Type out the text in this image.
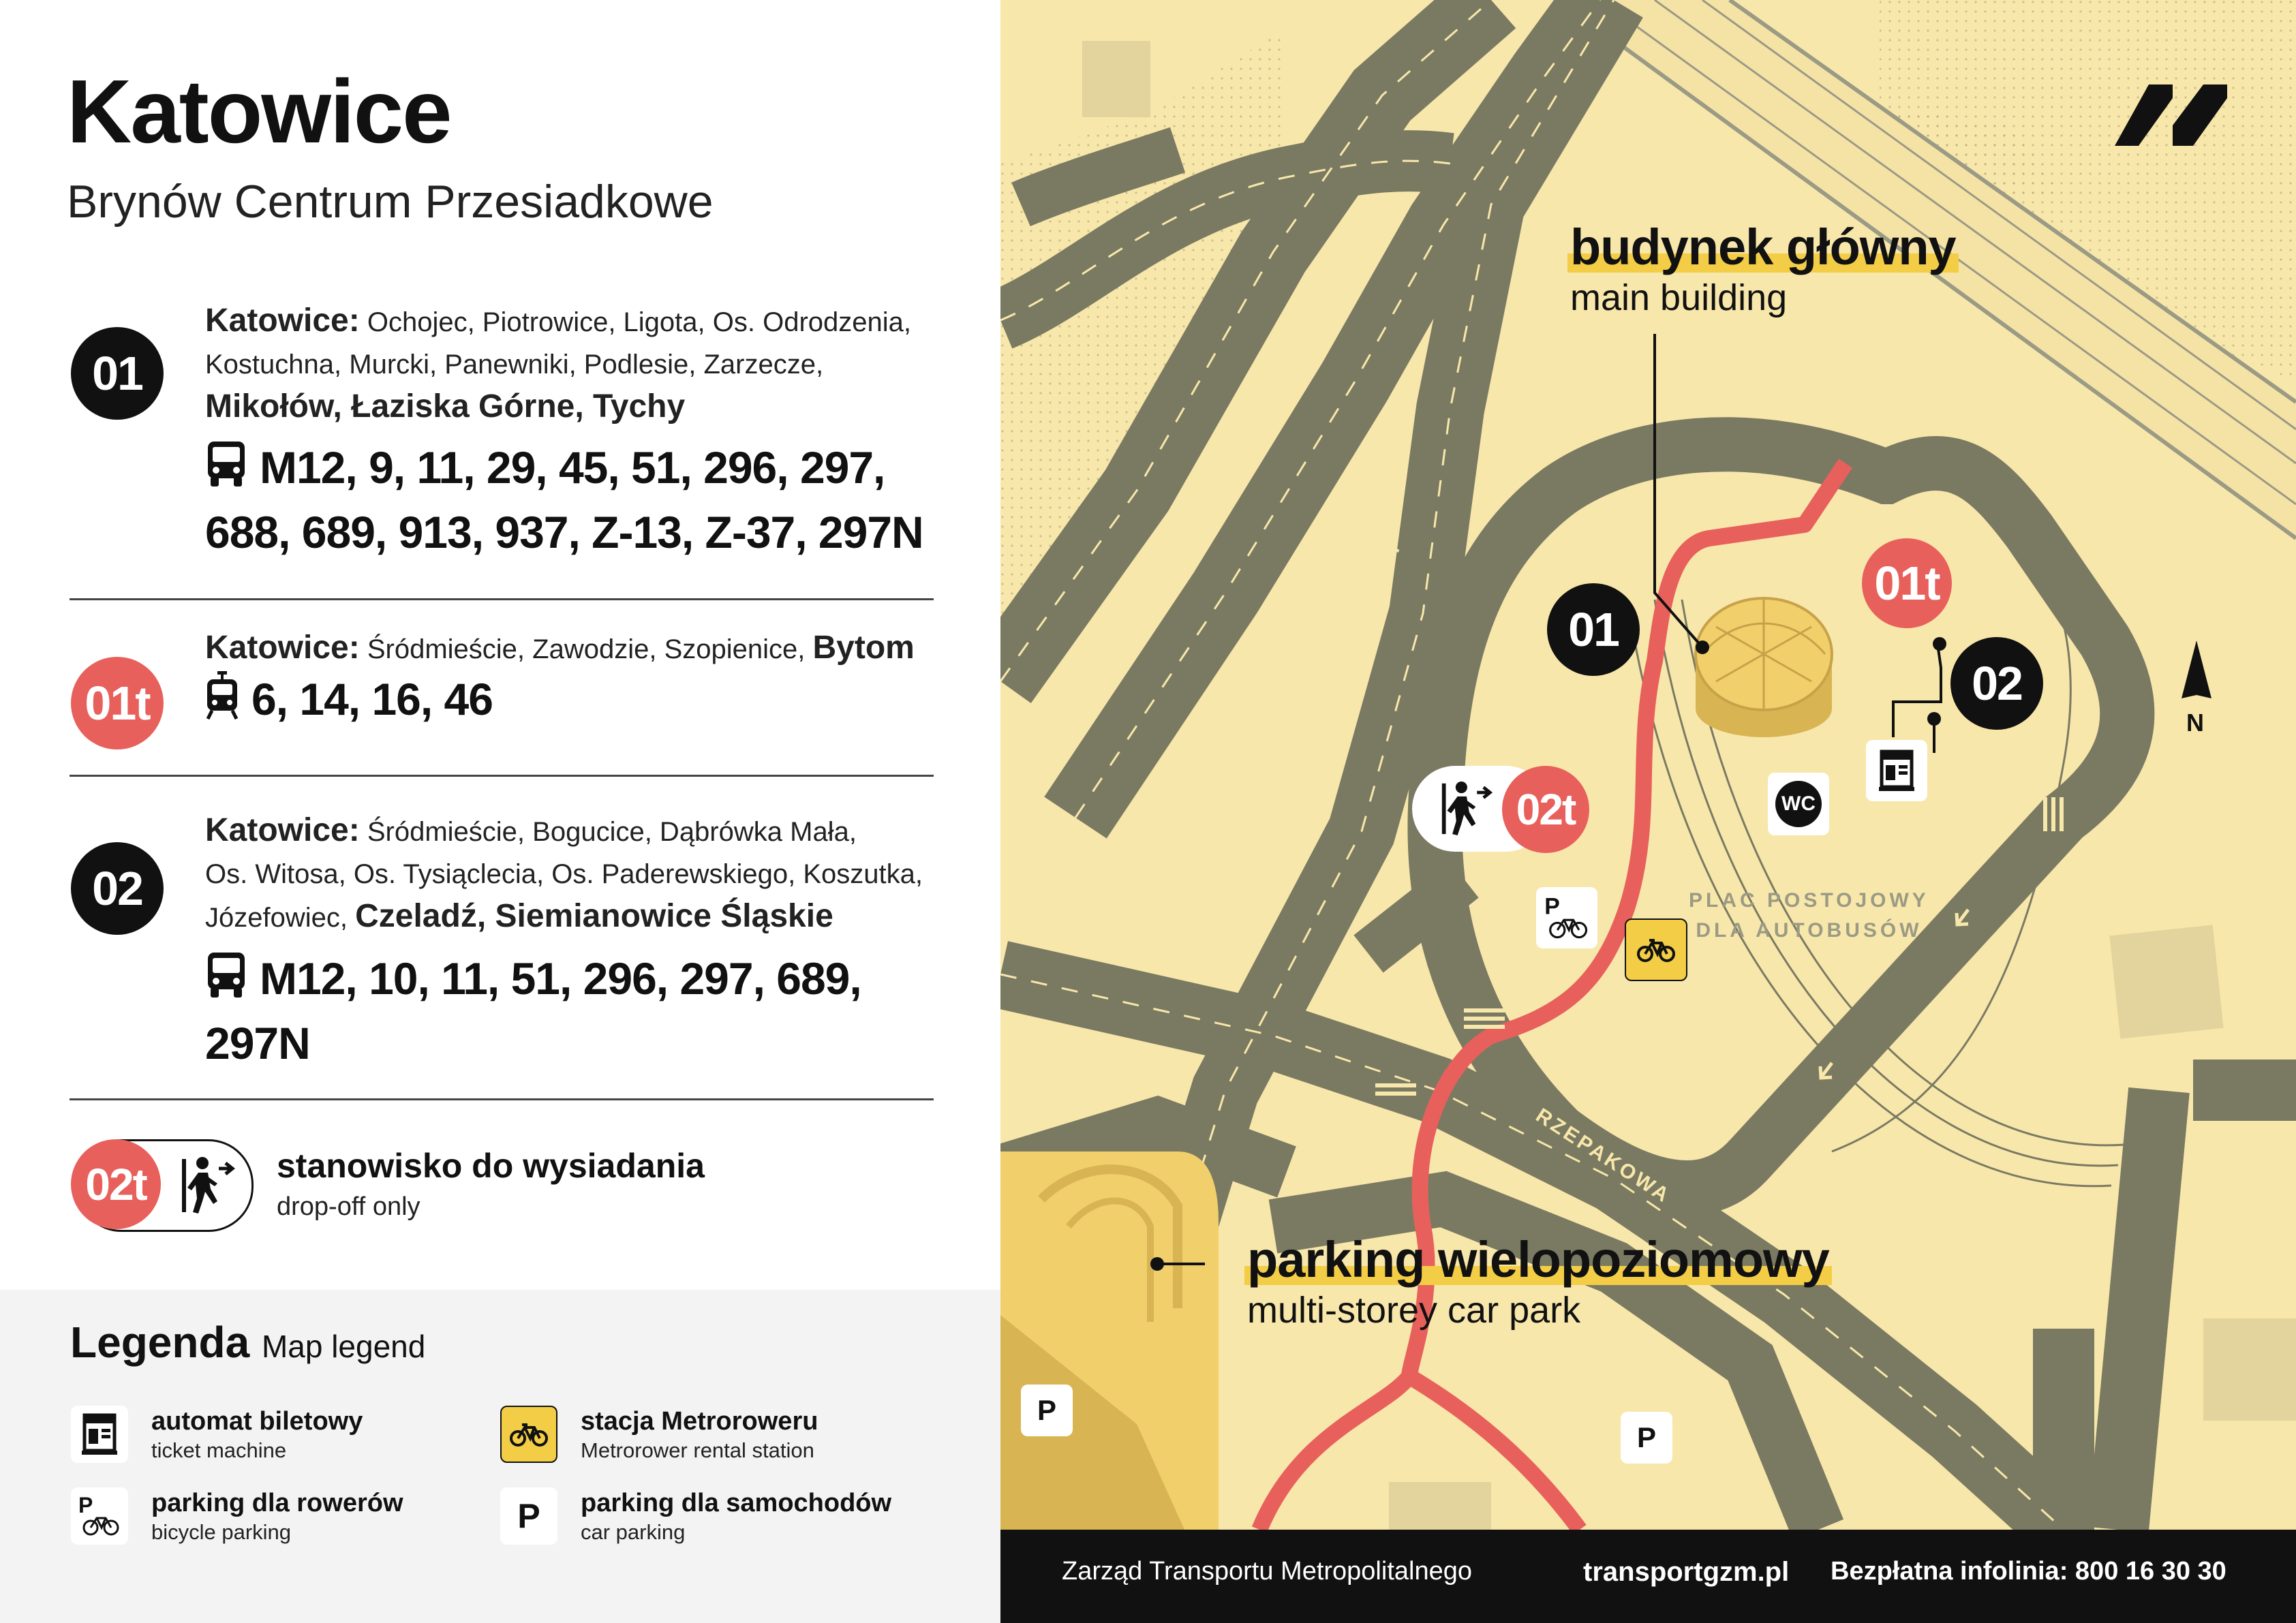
Katowice
Brynów Centrum Przesiadkowe
01
Katowice: Ochojec, Piotrowice, Ligota, Os. Odrodzenia,
Kostuchna, Murcki, Panewniki, Podlesie, Zarzecze,
Mikołów, Łaziska Górne, Tychy
M12, 9, 11, 29, 45, 51, 296, 297,
688, 689, 913, 937, Z-13, Z-37, 297N
01t
Katowice: Śródmieście, Zawodzie, Szopienice, Bytom
6, 14, 16, 46
02
Katowice: Śródmieście, Bogucice, Dąbrówka Mała,
Os. Witosa, Os. Tysiąclecia, Os. Paderewskiego, Koszutka,
Józefowiec, Czeladź, Siemianowice Śląskie
M12, 10, 11, 51, 296, 297, 689,
297N
02t	stanowisko do wysiadania
drop-off only
Legenda Map legend
automat biletowy
ticket machine
stacja Metroroweru
Metrorower rental station
P parking dla rowerów
bicycle parking	P	parking dla samochodów
car parking
KOŚCIUSZKI
RZEPAKOWA
JANKEGO
PLAC POSTOJOWY
DLA AUTOBUSÓW
budynek główny
main building
parking wielopoziomowy
multi-storey car park
01
01t
02
02t	WC
P
P
P
N
Zarząd Transportu Metropolitalnego	transportgzm.pl Bezpłatna infolinia: 800 16 30 30
